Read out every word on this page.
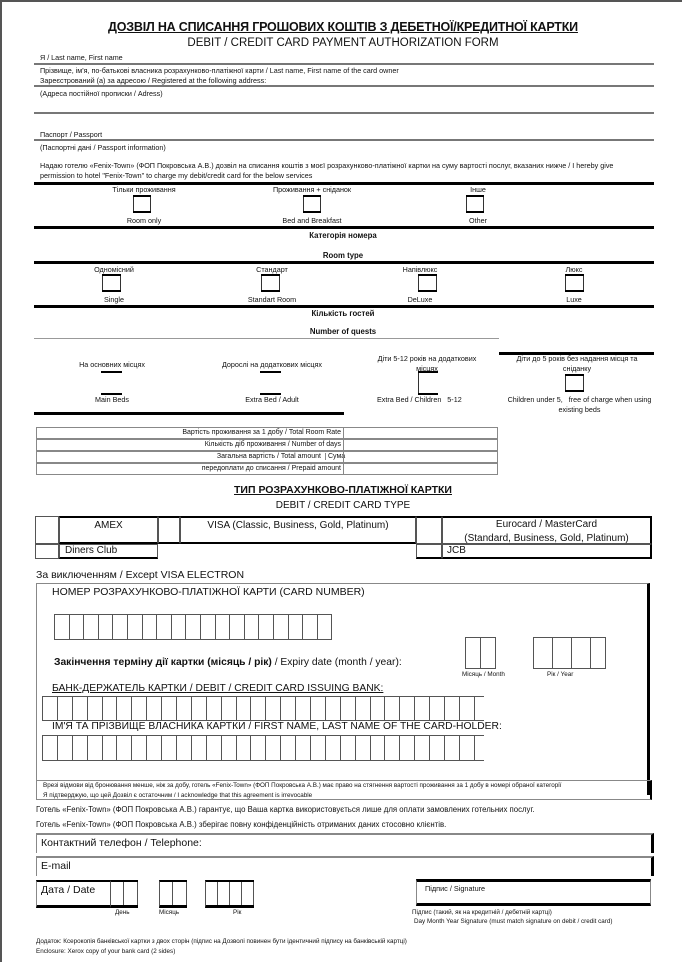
ДОЗВІЛ НА СПИСАННЯ ГРОШОВИХ КОШТІВ З ДЕБЕТНОЇ/КРЕДИТНОЇ КАРТКИ
DEBIT / CREDIT CARD PAYMENT AUTHORIZATION FORM
Я / Last name, First name
Прізвище, ім'я, по-батькові власника розрахунково-платіжної карти / Last name, First name of the card owner
Зареєстрований (а) за адресою / Registered at the following address:
(Адреса постійної прописки / Adress)
Паспорт / Passport
(Паспортні дані / Passport information)
Надаю готелю «Fenix-Town» (ФОП Покровська А.В.) дозвіл на списання коштів з моєї розрахунково-платіжної картки на суму вартості послуг, вказаних нижче / I hereby give permission to hotel "Fenix-Town" to charge my debit/credit card for the below services
Тільки проживання
Room only
Проживання + сніданок
Bed and Breakfast
Інше
Other
Категорія номера
Room type
Одномісний
Single
Стандарт
Standart Room
Напівлюкс
DeLuxe
Люкс
Luxe
Кількість гостей
Number of quests
На основних місцях
Main Beds
Дорослі на додаткових місцях
Extra Bed / Adult
Діти 5-12 років на додаткових місцях
Extra Bed / Children   5-12
Діти до 5 років без надання місця та сніданку
Children under 5,   free of charge when using existing beds
Вартість проживання за 1 добу / Total Room Rate
Кількість діб проживання / Number of days
Загальна вартість / Total amount	Сума
передоплати до списання / Prepaid amount
ТИП РОЗРАХУНКОВО-ПЛАТІЖНОЇ КАРТКИ
DEBIT / CREDIT CARD TYPE
AMEX	VISA (Classic, Business, Gold, Platinum)	Eurocard / MasterCard
(Standard, Business, Gold, Platinum)
Diners Club	JCB
За виключенням / Except VISA ELECTRON
НОМЕР РОЗРАХУНКОВО-ПЛАТІЖНОЇ КАРТИ (CARD NUMBER)
Закінчення терміну дії картки (місяць / рік) / Expiry date (month / year):
Місяць / Month	Рік / Year
БАНК-ДЕРЖАТЕЛЬ КАРТКИ / DEBIT / CREDIT CARD ISSUING BANK:
ІМ'Я ТА ПРІЗВИЩЕ ВЛАСНИКА КАРТКИ / FIRST NAME, LAST NAME OF THE CARD-HOLDER:
Врезі відмови від бронювання менше, ніж за добу, готель «Fenix-Town» (ФОП Покровська А.В.) має право на стягнення вартості проживання за 1 добу в номері обраної категорії
Я підтверджую, що цей Дозвіл є остаточним / I acknowledge that this agreement is irrevocable
Готель «Fenix-Town» (ФОП Покровська А.В.) гарантує, що Ваша картка використовується лише для оплати замовлених готельних послуг.
Готель «Fenix-Town» (ФОП Покровська А.В.) зберігає повну конфіденційність отриманих даних стосовно клієнтів.
Контактний телефон / Telephone:
E-mail
Дата / Date
День	Місяць	Рік
Підпис / Signature
Підпис (такий, як на кредитній / дебетній картці)
Day Month Year Signature (must match signature on debit / credit card)
Додаток: Ксерокопія банківської картки з двох сторін (підпис на Дозволі повинен бути ідентичний підпису на банківській картці)
Enclosure: Xerox copy of your bank card (2 sides)
